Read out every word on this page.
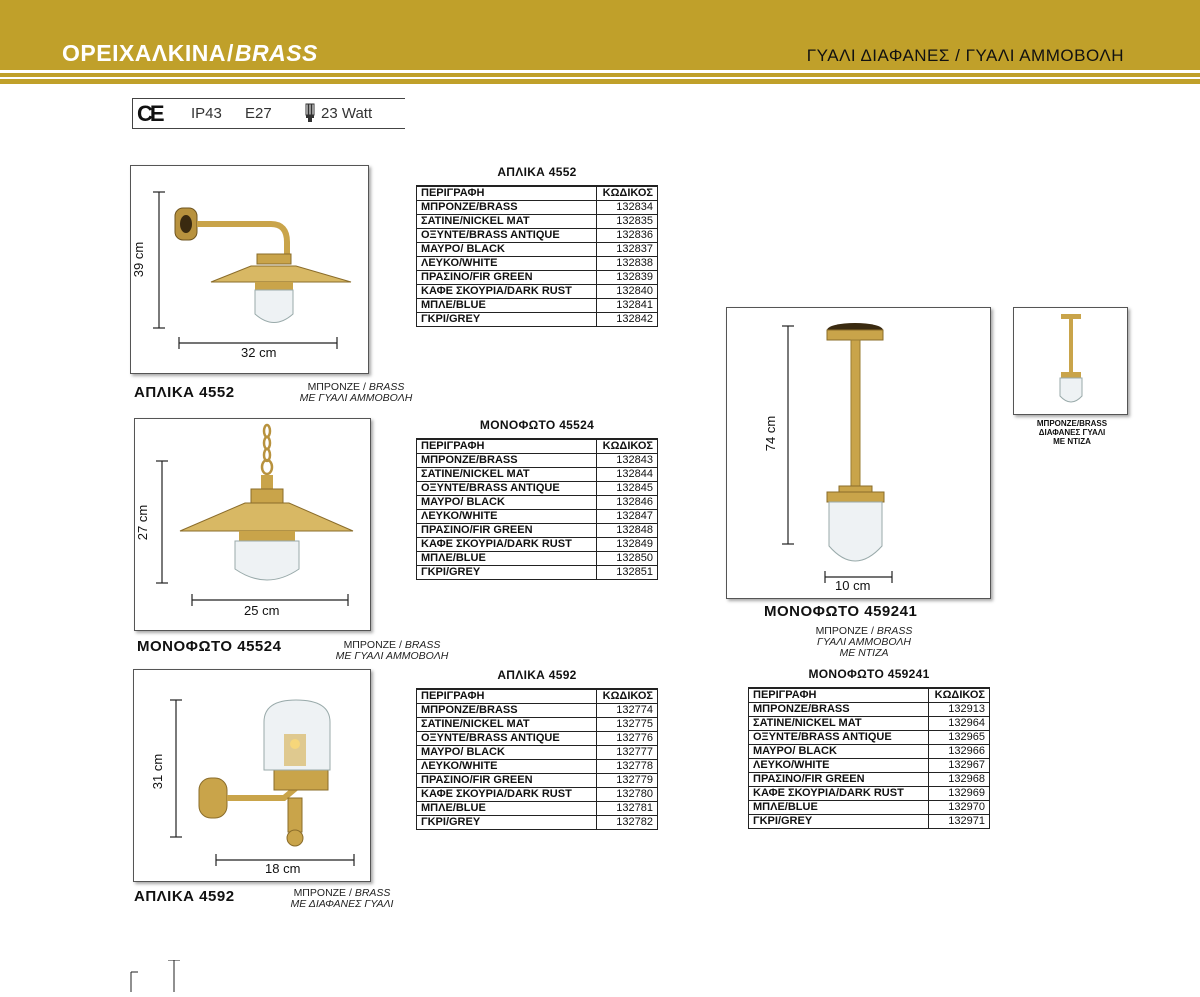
ΟΡΕΙΧΑΛΚΙΝΑ/BRASS	ΓΥΑΛΙ ΔΙΑΦΑΝΕΣ / ΓΥΑΛΙ ΑΜΜΟΒΟΛΗ
CE IP43 E27	23 Watt
39 cm
32 cm
ΑΠΛΙΚΑ 4552	ΜΠΡΟΝΖΕ / BRASS
ΜΕ ΓΥΑΛΙ ΑΜΜΟΒΟΛΗ
27 cm
25 cm
ΜΟΝΟΦΩΤΟ 45524	ΜΠΡΟΝΖΕ / BRASS
ΜΕ ΓΥΑΛΙ ΑΜΜΟΒΟΛΗ
31 cm
18 cm
ΑΠΛΙΚΑ 4592	ΜΠΡΟΝΖΕ / BRASS
ΜΕ ΔΙΑΦΑΝΕΣ ΓΥΑΛΙ
74 cm
10 cm
ΜΟΝΟΦΩΤΟ 459241
ΜΠΡΟΝΖΕ / BRASS
ΓΥΑΛΙ ΑΜΜΟΒΟΛΗ
ΜΕ ΝΤΙΖΑ
ΜΠΡΟΝΖΕ/BRASS
ΔΙΑΦΑΝΕΣ ΓΥΑΛΙ
ΜΕ ΝΤΙΖΑ
ΑΠΛΙΚΑ 4552
ΠΕΡΙΓΡΑΦΗ	ΚΩΔΙΚΟΣ
ΜΠΡΟΝΖΕ/BRASS	132834
ΣΑΤΙΝΕ/NICKEL MAT	132835
ΟΞΥΝΤΕ/BRASS ANTIQUE	132836
ΜΑΥΡΟ/ BLACK	132837
ΛΕΥΚΟ/WHITE	132838
ΠΡΑΣΙΝΟ/FIR GREEN	132839
ΚΑΦΕ ΣΚΟΥΡΙΑ/DARK RUST	132840
ΜΠΛΕ/BLUE	132841
ΓΚΡΙ/GREY	132842
ΜΟΝΟΦΩΤΟ 45524
ΠΕΡΙΓΡΑΦΗ	ΚΩΔΙΚΟΣ
ΜΠΡΟΝΖΕ/BRASS	132843
ΣΑΤΙΝΕ/NICKEL MAT	132844
ΟΞΥΝΤΕ/BRASS ANTIQUE	132845
ΜΑΥΡΟ/ BLACK	132846
ΛΕΥΚΟ/WHITE	132847
ΠΡΑΣΙΝΟ/FIR GREEN	132848
ΚΑΦΕ ΣΚΟΥΡΙΑ/DARK RUST	132849
ΜΠΛΕ/BLUE	132850
ΓΚΡΙ/GREY	132851
ΑΠΛΙΚΑ 4592
ΠΕΡΙΓΡΑΦΗ	ΚΩΔΙΚΟΣ
ΜΠΡΟΝΖΕ/BRASS	132774
ΣΑΤΙΝΕ/NICKEL MAT	132775
ΟΞΥΝΤΕ/BRASS ANTIQUE	132776
ΜΑΥΡΟ/ BLACK	132777
ΛΕΥΚΟ/WHITE	132778
ΠΡΑΣΙΝΟ/FIR GREEN	132779
ΚΑΦΕ ΣΚΟΥΡΙΑ/DARK RUST	132780
ΜΠΛΕ/BLUE	132781
ΓΚΡΙ/GREY	132782
ΜΟΝΟΦΩΤΟ 459241
ΠΕΡΙΓΡΑΦΗ	ΚΩΔΙΚΟΣ
ΜΠΡΟΝΖΕ/BRASS	132913
ΣΑΤΙΝΕ/NICKEL MAT	132964
ΟΞΥΝΤΕ/BRASS ANTIQUE	132965
ΜΑΥΡΟ/ BLACK	132966
ΛΕΥΚΟ/WHITE	132967
ΠΡΑΣΙΝΟ/FIR GREEN	132968
ΚΑΦΕ ΣΚΟΥΡΙΑ/DARK RUST	132969
ΜΠΛΕ/BLUE	132970
ΓΚΡΙ/GREY	132971
